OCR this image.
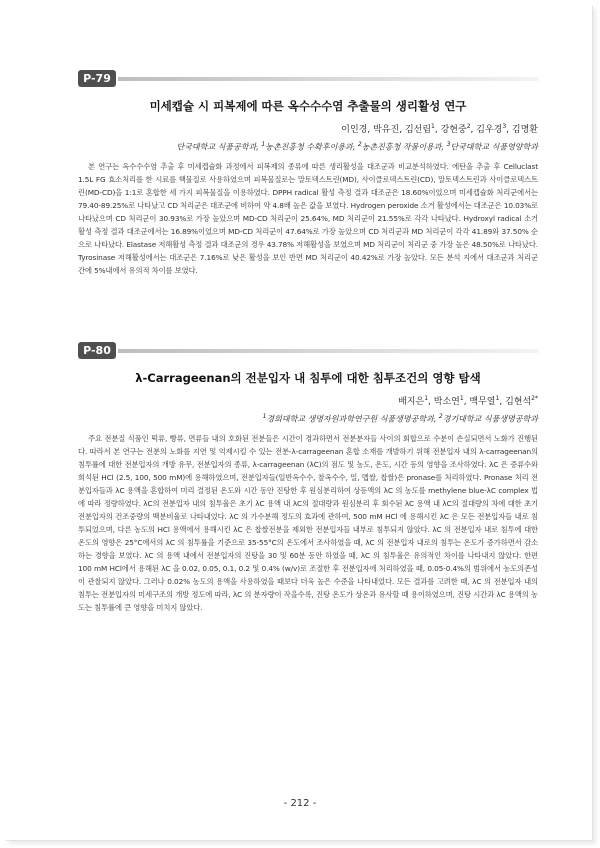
P-79
미세캡슐 시 피복제에 따른 옥수수수염 추출물의 생리활성 연구
이인경, 박유진, 김선림$^1$, 강현중$^2$, 김우경$^3$, 김명환
단국대학교 식품공학과, $^1$농촌진흥청 수확후이용과, $^2$농촌진흥청 작물이용과, $^3$단국대학교 식품영양학과

본 연구는 옥수수수염 추출 후 미세캡슐화 과정에서 피복제의 종류에 따른 생리활성을 대조군과 비교분석하였다. 에탄올 추출 후 Celluclast 1.5L FG 효소처리를 한 시료를 핵물질로 사용하였으며 피복물질로는 말토덱스트린(MD), 사이클로덱스트린(CD), 말토덱스트린과 사이클로덱스트린(MD-CD)을 1:1로 혼합한 세 가지 피복물질을 이용하였다. DPPH radical 활성 측정 결과 대조군은 18.60%이었으며 미세캡슐화 처리군에서는 79.40-89.25%로 나타났고 CD 처리군은 대조군에 비하여 약 4.8배 높은 값을 보였다. Hydrogen peroxide 소거 활성에서는 대조군은 10.03%로 나타났으며 CD 처리군이 30.93%로 가장 높았으며 MD-CD 처리군이 25.64%, MD 처리군이 21.55%로 각각 나타났다. Hydroxyl radical 소거활성 측정 결과 대조군에서는 16.89%이었으며 MD-CD 처리군이 47.64%로 가장 높았으며 CD 처리군과 MD 처리군이 각각 41.89와 37.50% 순으로 나타났다. Elastase 저해활성 측정 결과 대조군의 경우 43.78% 저해활성을 보였으며 MD 처리군이 처리군 중 가장 높은 48.50%로 나타났다. Tyrosinase 저해활성에서는 대조군은 7.16%로 낮은 활성을 보인 반면 MD 처리군이 40.42%로 가장 높았다. 모든 분석 지에서 대조군과 처리군 간에 5%내에서 유의적 차이를 보였다.

P-80
λ-Carrageenan의 전분입자 내 침투에 대한 침투조건의 영향 탐색
배지은$^1$, 박소연$^1$, 백무열$^1$, 김현석$^{2*}$
$^1$경희대학교 생명자원과학연구원 식품생명공학과, $^2$경기대학교 식품생명공학과

주요 전분질 식품인 떡류, 빵류, 면류들 내의 호화된 전분들은 시간이 경과하면서 전분분자들 사이의 회합으로 수분이 손실되면서 노화가 진행된다. 따라서 본 연구는 전분의 노화를 지연 및 억제시킬 수 있는 전분-λ-carrageenan 혼합 소재를 개발하기 위해 전분입자 내의 λ-carrageenan의 침투률에 대한 전분입자의 개방 유무, 전분입자의 종류, λ-carrageenan (λC)의 점도 및 농도, 온도, 시간 등의 영향을 조사하였다. λC 은 증류수와 희석된 HCl (2.5, 100, 500 mM)에 용해하였으며, 전분입자들(일반옥수수, 찰옥수수, 밀, 멥쌀, 찹쌀)은 pronase를 처리하였다. Pronase 처리 전분입자들과 λC 용액을 혼합하여 미리 결정된 온도와 시간 동안 진탕한 후 원심분리하여 상등액의 λC 의 농도를 methylene blue-λC complex 법에 따라 정량하였다. λC의 전분입자 내의 침투율은 초기 λC 용액 내 λC의 절대량과 원심분리 후 회수된 λC 용액 내 λC의 절대량의 차에 대한 초기 전분입자의 건조중량의 백분비율로 나타내었다. λC 의 가수분해 정도의 효과에 관하여, 500 mM HCl 에 용해시킨 λC 은 모든 전분입자들 내로 침투되었으며, 다른 농도의 HCl 용액에서 용해시킨 λC 은 찹쌀전분을 제외한 전분입자들 내부로 침투되지 않았다. λC 의 전분입자 내로 침투에 대한 온도의 영향은 25°C에서의 λC 의 침투률을 기준으로 35-55°C의 온도에서 조사하였을 때, λC 의 전분입자 내로의 침투는 온도가 증가하면서 감소하는 경향을 보였다. λC 의 용액 내에서 전분입자의 진탕을 30 및 60분 동안 하였을 때, λC 의 침투율은 유의적인 차이를 나타내지 않았다. 한편 100 mM HCl에서 용해된 λC 을 0.02, 0.05, 0.1, 0.2 및 0.4% (w/v)로 조절한 후 전분입자에 처리하였을 때, 0.05-0.4%의 범위에서 농도의존성이 관찰되지 않았다. 그러나 0.02% 농도의 용액을 사용하였을 때보다 더욱 높은 수준을 나타내었다. 모든 결과를 고려한 때, λC 의 전분입자 내의 침투는 전분입자의 미세구조의 개방 정도에 따라, λC 의 분자량이 작을수록, 진탕 온도가 상온과 유사할 때 용이하였으며, 진탕 시간과 λC 용액의 농도는 침투률에 큰 영향을 미치지 않았다.

- 212 -
